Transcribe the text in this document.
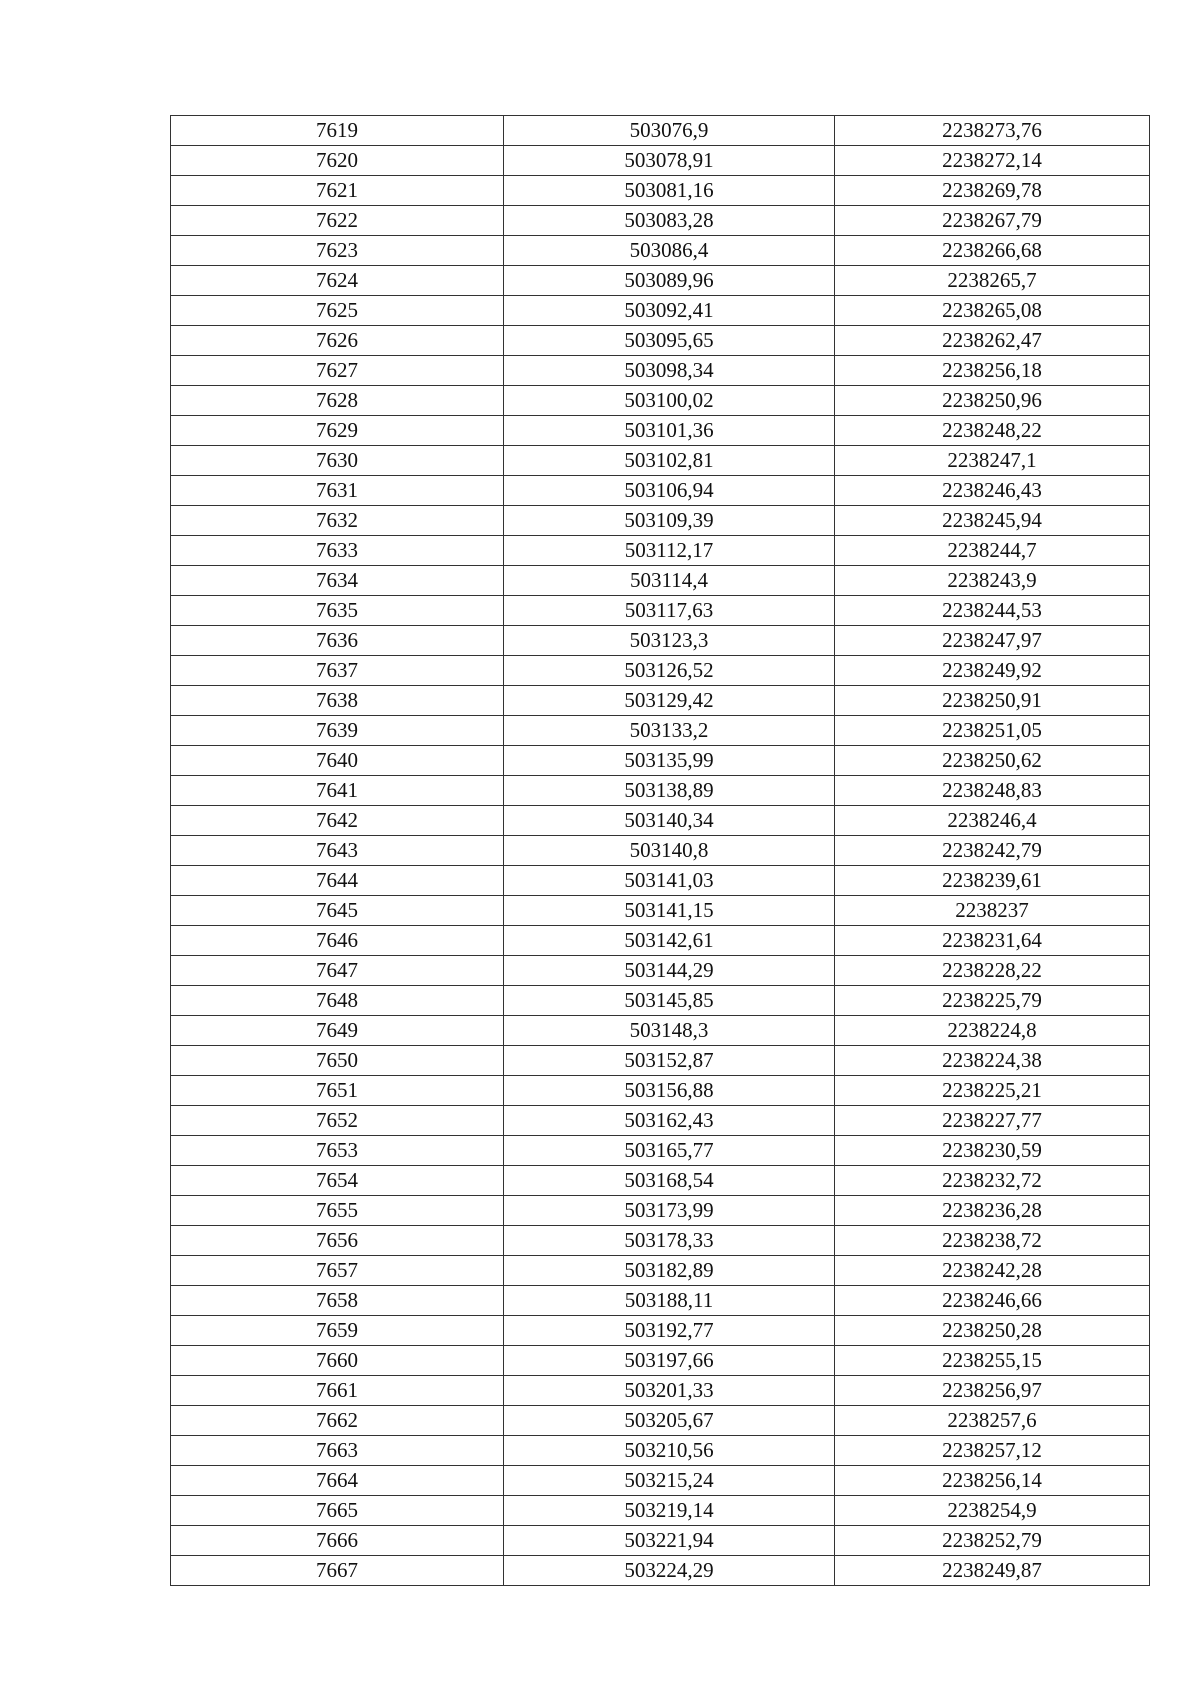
7619	503076,9	2238273,76
7620	503078,91	2238272,14
7621	503081,16	2238269,78
7622	503083,28	2238267,79
7623	503086,4	2238266,68
7624	503089,96	2238265,7
7625	503092,41	2238265,08
7626	503095,65	2238262,47
7627	503098,34	2238256,18
7628	503100,02	2238250,96
7629	503101,36	2238248,22
7630	503102,81	2238247,1
7631	503106,94	2238246,43
7632	503109,39	2238245,94
7633	503112,17	2238244,7
7634	503114,4	2238243,9
7635	503117,63	2238244,53
7636	503123,3	2238247,97
7637	503126,52	2238249,92
7638	503129,42	2238250,91
7639	503133,2	2238251,05
7640	503135,99	2238250,62
7641	503138,89	2238248,83
7642	503140,34	2238246,4
7643	503140,8	2238242,79
7644	503141,03	2238239,61
7645	503141,15	2238237
7646	503142,61	2238231,64
7647	503144,29	2238228,22
7648	503145,85	2238225,79
7649	503148,3	2238224,8
7650	503152,87	2238224,38
7651	503156,88	2238225,21
7652	503162,43	2238227,77
7653	503165,77	2238230,59
7654	503168,54	2238232,72
7655	503173,99	2238236,28
7656	503178,33	2238238,72
7657	503182,89	2238242,28
7658	503188,11	2238246,66
7659	503192,77	2238250,28
7660	503197,66	2238255,15
7661	503201,33	2238256,97
7662	503205,67	2238257,6
7663	503210,56	2238257,12
7664	503215,24	2238256,14
7665	503219,14	2238254,9
7666	503221,94	2238252,79
7667	503224,29	2238249,87
